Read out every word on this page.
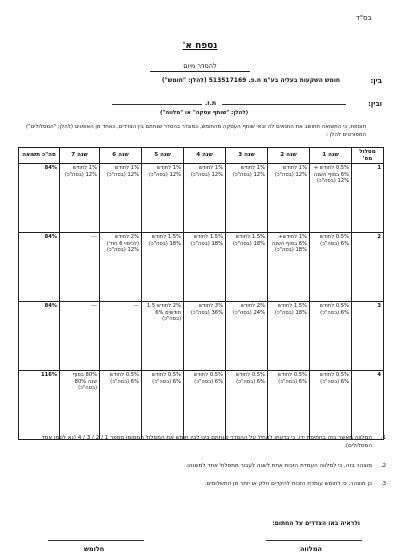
בס"ד
נספח א'
להסדר מיום
בין:
חומש השקעות בעליה בע"מ ח.פ. 513517169 (להלן: "חומש")
ובין:
ת.ז.
(להלן: "שותף עסקה" או "מלווה")
תוספת, כי התשואה תחושב את התנאים לה זכאי שותף העסקה מהחומש, כמוגדר בהסדר שנחתם בין הצדדים, כאחד מן האופנים (להלן: "המסלולים") המפורטים להלן :
מסלול מס'	שנה 1	שנה 2	שנה 3	שנה 4	שנה 5	שנה 6	שנה 7	סה"כ תשואה
1	0.5% לחודש + 6% בסוף השנה 12% (בסה"כ)	1% לחודש 12% (בסה"כ)	1% לחודש 12% (בסה"כ)	1% לחודש 12% (בסה"כ)	1% לחודש 12% (בסה"כ)	1% לחודש 12% (בסה"כ)	1% לחודש 12% (בסה"כ)	84%
2	0.5% לחודש 6% (בסה"כ)	1% לחודש+ 6% בסוף השנה 18% (בסה"כ)	1.5% לחודש 18% (בסה"כ)	1.5% לחודש 18% (בסה"כ)	1.5% לחודש 18% (בסה"כ)	2% לחודש (לכיסוי 6 חוד') 12% (בסה"כ)	---	84%
3	0.5% לחודש 6% (בסה"כ)	1.5% לחודש 18% (בסה"כ)	2% לחודש 24% (בסה"כ)	3% לחודש 36% (בסה"כ)	2% לחודש 1.5 חודשים 6% (בסה"כ)	---	---	84%
4	0.5% לחודש 6% (בסה"כ)	0.5% לחודש 6% (בסה"כ)	0.5% לחודש 6% (בסה"כ)	0.5% לחודש 6% (בסה"כ)	0.5% לחודש 6% (בסה"כ)	0.5% לחודש 6% (בסה"כ)	80% בסוף שנה 80% (בסה"כ)	116%
1.
המלווה מאשר בזה בחתימת ידו, כי בדעתו להחיל על ההסדר שנחתם בינו לבין חומש את המסלול המסומן מספר 1 / 2 / 3 / 4 (נא לסמן אחד המסלולים).
2.
מוצהר בזה, כי למלווה העמדת הזכות אחת לשנה לעבור ממסלול אחד למשנהו.
3.
כן מוצהר, כי לחומש עומדת הזכות להקדים חלק או יותר מן התשלומים.
ולראיה באו הצדדים על החתום:
המלווה
חלומש
